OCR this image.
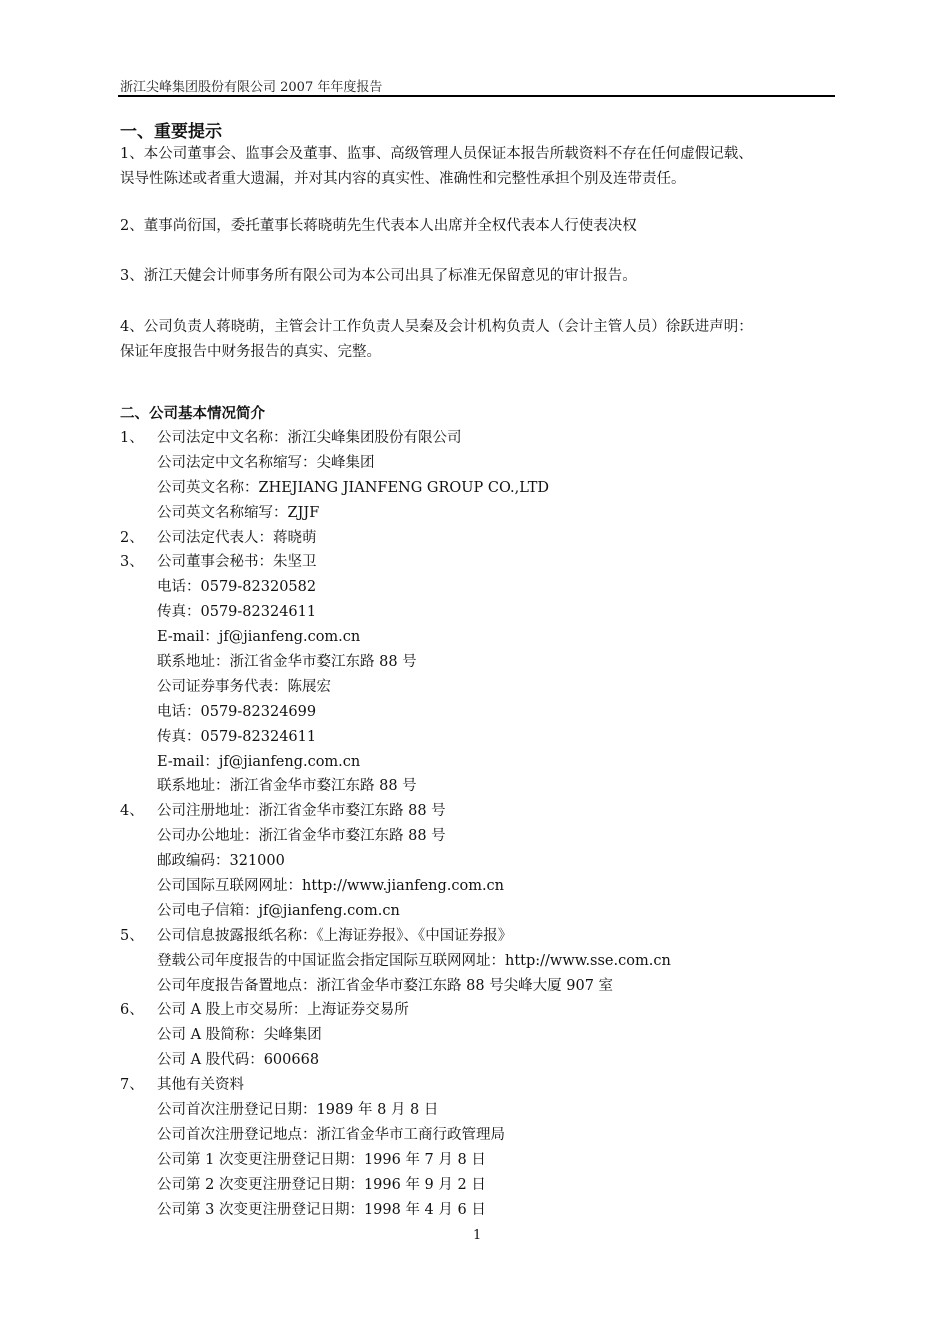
浙江尖峰集团股份有限公司 2007 年年度报告
一、重要提示
1、本公司董事会、监事会及董事、监事、高级管理人员保证本报告所载资料不存在任何虚假记载、
误导性陈述或者重大遗漏，并对其内容的真实性、准确性和完整性承担个别及连带责任。
2、董事尚衍国，委托董事长蒋晓萌先生代表本人出席并全权代表本人行使表决权
3、浙江天健会计师事务所有限公司为本公司出具了标准无保留意见的审计报告。
4、公司负责人蒋晓萌，主管会计工作负责人吴秦及会计机构负责人（会计主管人员）徐跃进声明：
保证年度报告中财务报告的真实、完整。
二、公司基本情况简介
1、 公司法定中文名称：浙江尖峰集团股份有限公司
公司法定中文名称缩写：尖峰集团
公司英文名称：ZHEJIANG JIANFENG GROUP CO.,LTD
公司英文名称缩写：ZJJF
2、 公司法定代表人：蒋晓萌
3、 公司董事会秘书：朱坚卫
电话：0579-82320582
传真：0579-82324611
E-mail：jf@jianfeng.com.cn
联系地址：浙江省金华市婺江东路 88 号
公司证券事务代表：陈展宏
电话：0579-82324699
传真：0579-82324611
E-mail：jf@jianfeng.com.cn
联系地址：浙江省金华市婺江东路 88 号
4、 公司注册地址：浙江省金华市婺江东路 88 号
公司办公地址：浙江省金华市婺江东路 88 号
邮政编码：321000
公司国际互联网网址：http://www.jianfeng.com.cn
公司电子信箱：jf@jianfeng.com.cn
5、 公司信息披露报纸名称：《上海证券报》、《中国证券报》
登载公司年度报告的中国证监会指定国际互联网网址：http://www.sse.com.cn
公司年度报告备置地点：浙江省金华市婺江东路 88 号尖峰大厦 907 室
6、 公司 A 股上市交易所：上海证券交易所
公司 A 股简称：尖峰集团
公司 A 股代码：600668
7、 其他有关资料
公司首次注册登记日期：1989 年 8 月 8 日
公司首次注册登记地点：浙江省金华市工商行政管理局
公司第 1 次变更注册登记日期：1996 年 7 月 8 日
公司第 2 次变更注册登记日期：1996 年 9 月 2 日
公司第 3 次变更注册登记日期：1998 年 4 月 6 日
1
